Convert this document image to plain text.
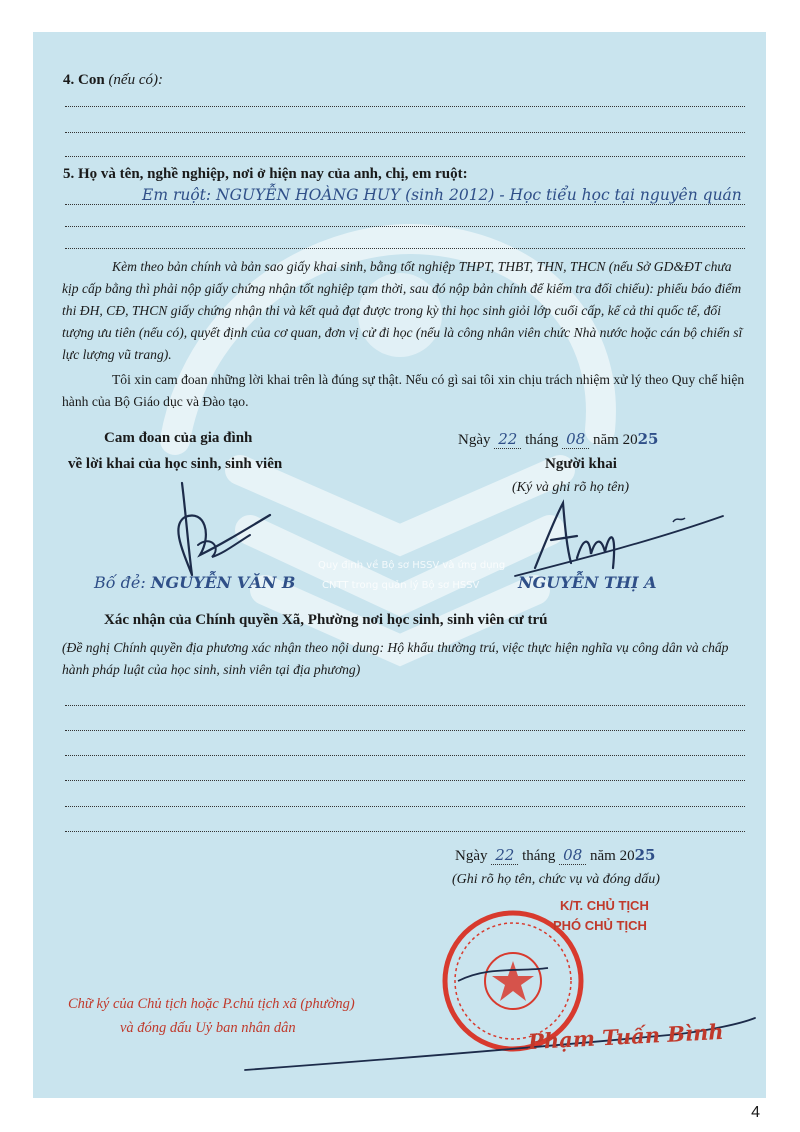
Quy định về Bộ sơ HSSV và ứng dụng
CNTT trong quản lý Bộ sơ HSSV
4. Con (nếu có):
5. Họ và tên, nghề nghiệp, nơi ở hiện nay của anh, chị, em ruột:
Em ruột: NGUYỄN HOÀNG HUY (sinh 2012) - Học tiểu học tại nguyên quán
Kèm theo bản chính và bản sao giấy khai sinh, bằng tốt nghiệp THPT, THBT, THN, THCN (nếu Sở GD&ĐT chưa kịp cấp bằng thì phải nộp giấy chứng nhận tốt nghiệp tạm thời, sau đó nộp bản chính để kiểm tra đối chiếu): phiếu báo điểm thi ĐH, CĐ, THCN giấy chứng nhận thi và kết quả đạt được trong kỳ thi học sinh giỏi lớp cuối cấp, kể cả thi quốc tế, đối tượng ưu tiên (nếu có), quyết định của cơ quan, đơn vị cử đi học (nếu là công nhân viên chức Nhà nước hoặc cán bộ chiến sĩ lực lượng vũ trang).
Tôi xin cam đoan những lời khai trên là đúng sự thật. Nếu có gì sai tôi xin chịu trách nhiệm xử lý theo Quy chế hiện hành của Bộ Giáo dục và Đào tạo.
Cam đoan của gia đình
về lời khai của học sinh, sinh viên
Ngày 22 tháng 08 năm 2025
Người khai
(Ký và ghi rõ họ tên)
Bố đẻ: NGUYỄN VĂN B	NGUYỄN THỊ A
Xác nhận của Chính quyền Xã, Phường nơi học sinh, sinh viên cư trú
(Đề nghị Chính quyền địa phương xác nhận theo nội dung: Hộ khẩu thường trú, việc thực hiện nghĩa vụ công dân và chấp hành pháp luật của học sinh, sinh viên tại địa phương)
Ngày 22 tháng 08 năm 2025
(Ghi rõ họ tên, chức vụ và đóng dấu)
K/T. CHỦ TỊCH
PHÓ CHỦ TỊCH
Chữ ký của Chủ tịch hoặc P.chủ tịch xã (phường)
và đóng dấu Uỷ ban nhân dân	Phạm Tuấn Bình
4
